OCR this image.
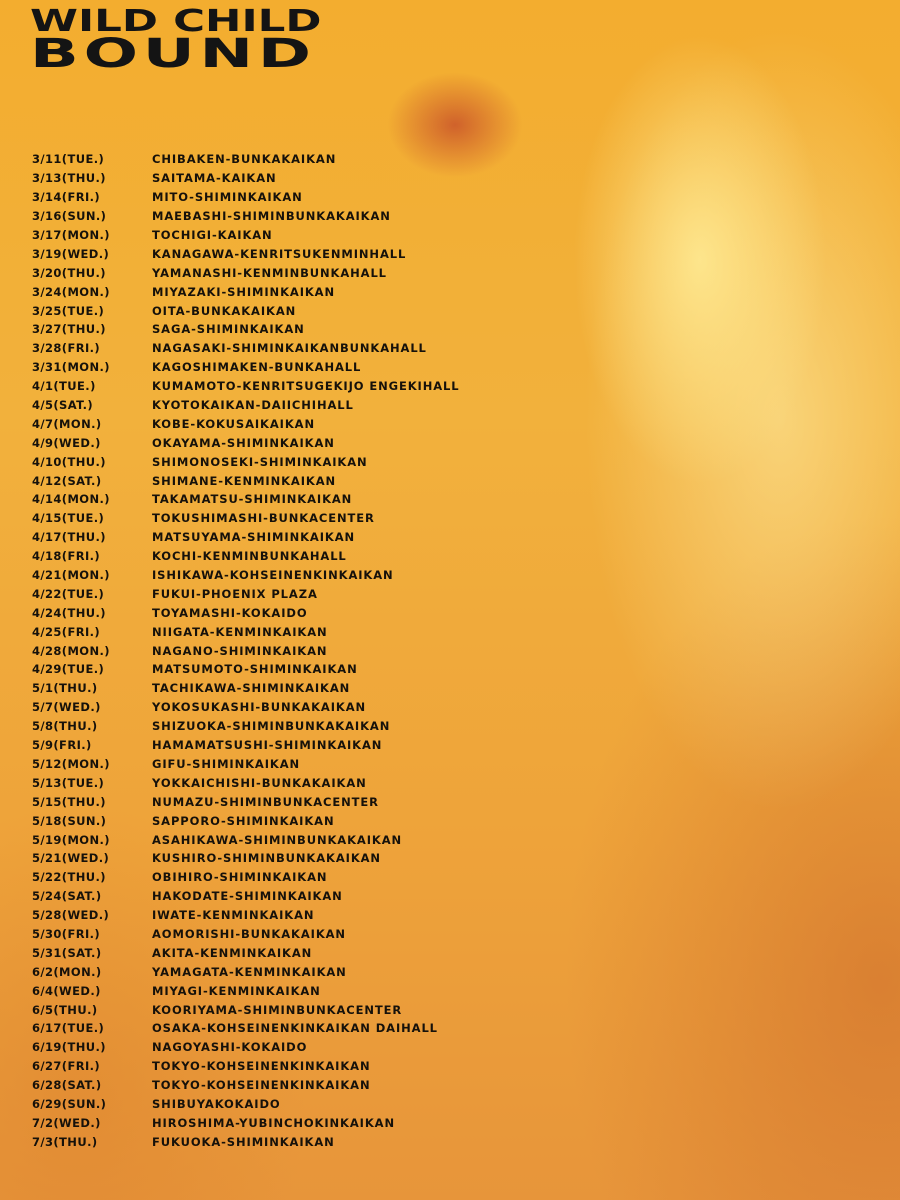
WILD CHILD
BOUND
3/11(TUE.)	CHIBAKEN-BUNKAKAIKAN
3/13(THU.)	SAITAMA-KAIKAN
3/14(FRI.)	MITO-SHIMINKAIKAN
3/16(SUN.)	MAEBASHI-SHIMINBUNKAKAIKAN
3/17(MON.)	TOCHIGI-KAIKAN
3/19(WED.)	KANAGAWA-KENRITSUKENMINHALL
3/20(THU.)	YAMANASHI-KENMINBUNKAHALL
3/24(MON.)	MIYAZAKI-SHIMINKAIKAN
3/25(TUE.)	OITA-BUNKAKAIKAN
3/27(THU.)	SAGA-SHIMINKAIKAN
3/28(FRI.)	NAGASAKI-SHIMINKAIKANBUNKAHALL
3/31(MON.)	KAGOSHIMAKEN-BUNKAHALL
4/1(TUE.)	KUMAMOTO-KENRITSUGEKIJO ENGEKIHALL
4/5(SAT.)	KYOTOKAIKAN-DAIICHIHALL
4/7(MON.)	KOBE-KOKUSAIKAIKAN
4/9(WED.)	OKAYAMA-SHIMINKAIKAN
4/10(THU.)	SHIMONOSEKI-SHIMINKAIKAN
4/12(SAT.)	SHIMANE-KENMINKAIKAN
4/14(MON.)	TAKAMATSU-SHIMINKAIKAN
4/15(TUE.)	TOKUSHIMASHI-BUNKACENTER
4/17(THU.)	MATSUYAMA-SHIMINKAIKAN
4/18(FRI.)	KOCHI-KENMINBUNKAHALL
4/21(MON.)	ISHIKAWA-KOHSEINENKINKAIKAN
4/22(TUE.)	FUKUI-PHOENIX PLAZA
4/24(THU.)	TOYAMASHI-KOKAIDO
4/25(FRI.)	NIIGATA-KENMINKAIKAN
4/28(MON.)	NAGANO-SHIMINKAIKAN
4/29(TUE.)	MATSUMOTO-SHIMINKAIKAN
5/1(THU.)	TACHIKAWA-SHIMINKAIKAN
5/7(WED.)	YOKOSUKASHI-BUNKAKAIKAN
5/8(THU.)	SHIZUOKA-SHIMINBUNKAKAIKAN
5/9(FRI.)	HAMAMATSUSHI-SHIMINKAIKAN
5/12(MON.)	GIFU-SHIMINKAIKAN
5/13(TUE.)	YOKKAICHISHI-BUNKAKAIKAN
5/15(THU.)	NUMAZU-SHIMINBUNKACENTER
5/18(SUN.)	SAPPORO-SHIMINKAIKAN
5/19(MON.)	ASAHIKAWA-SHIMINBUNKAKAIKAN
5/21(WED.)	KUSHIRO-SHIMINBUNKAKAIKAN
5/22(THU.)	OBIHIRO-SHIMINKAIKAN
5/24(SAT.)	HAKODATE-SHIMINKAIKAN
5/28(WED.)	IWATE-KENMINKAIKAN
5/30(FRI.)	AOMORISHI-BUNKAKAIKAN
5/31(SAT.)	AKITA-KENMINKAIKAN
6/2(MON.)	YAMAGATA-KENMINKAIKAN
6/4(WED.)	MIYAGI-KENMINKAIKAN
6/5(THU.)	KOORIYAMA-SHIMINBUNKACENTER
6/17(TUE.)	OSAKA-KOHSEINENKINKAIKAN DAIHALL
6/19(THU.)	NAGOYASHI-KOKAIDO
6/27(FRI.)	TOKYO-KOHSEINENKINKAIKAN
6/28(SAT.)	TOKYO-KOHSEINENKINKAIKAN
6/29(SUN.)	SHIBUYAKOKAIDO
7/2(WED.)	HIROSHIMA-YUBINCHOKINKAIKAN
7/3(THU.)	FUKUOKA-SHIMINKAIKAN
